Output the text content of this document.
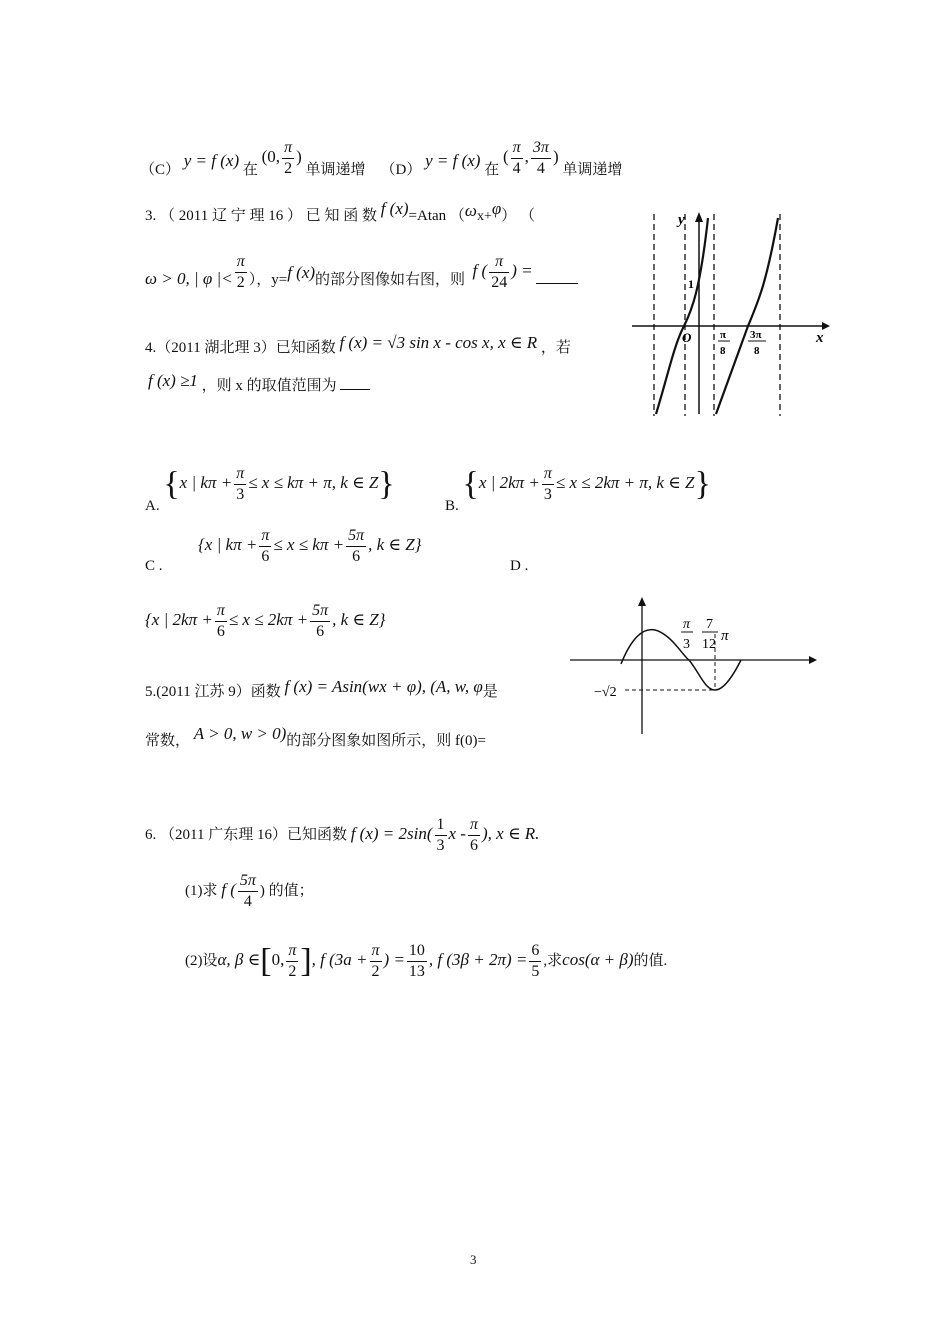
（C） y = f (x) 在 (0, $\frac{\pi}{2}$ ) 单调递增 （D） y = f (x) 在 ( $\frac{\pi}{4}$ , $\frac{3\pi}{4}$ ) 单调递增
3. （ 2011 辽 宁 理 16 ） 已 知 函 数 f (x)=Atan （ωx+φ） （
ω > 0, | φ |< $\frac{\pi}{2}$ ），y=f (x)的部分图像如右图，则 f ( $\frac{\pi}{24}$ ) =
y
x
O
1
π
8
3π
8
4.（2011 湖北理 3）已知函数 f (x) = √3 sin x - cos x, x ∈ R ，若
f (x) ≥1 ，则 x 的取值范围为
A. {x | $k\pi + \frac{\pi}{3} \le x \le k\pi + \pi$, k ∈ Z}
B. {x | $2k\pi + \frac{\pi}{3} \le x \le 2k\pi + \pi$, k ∈ Z}
C .
{x | $k\pi + \frac{\pi}{6} \le x \le k\pi + \frac{5\pi}{6}$ , k ∈ Z}
D .
{x | $2k\pi + \frac{\pi}{6} \le x \le 2k\pi + \frac{5\pi}{6}$ , k ∈ Z}
−√2
π
3
7
12
π
5.(2011 江苏 9）函数 f (x) = Asin(wx + φ), (A, w, φ是
常数， A > 0, w > 0)的部分图象如图所示，则 f(0)=
6. （2011 广东理 16）已知函数 f $(x) = 2\sin( \frac{1}{3}$ x - $\frac{\pi}{6}$ ), x ∈ R.
(1)求 f ( $\frac{5\pi}{4}$ ) 的值；
(2)设α, β ∈[0, $\frac{\pi}{2}$ ], f ($3a + \frac{\pi}{2}$ ) = $\frac{10}{13}$ , f $(3\beta + 2\pi) = \frac{6}{5}$ ,求cos(α + β)的值.
3
